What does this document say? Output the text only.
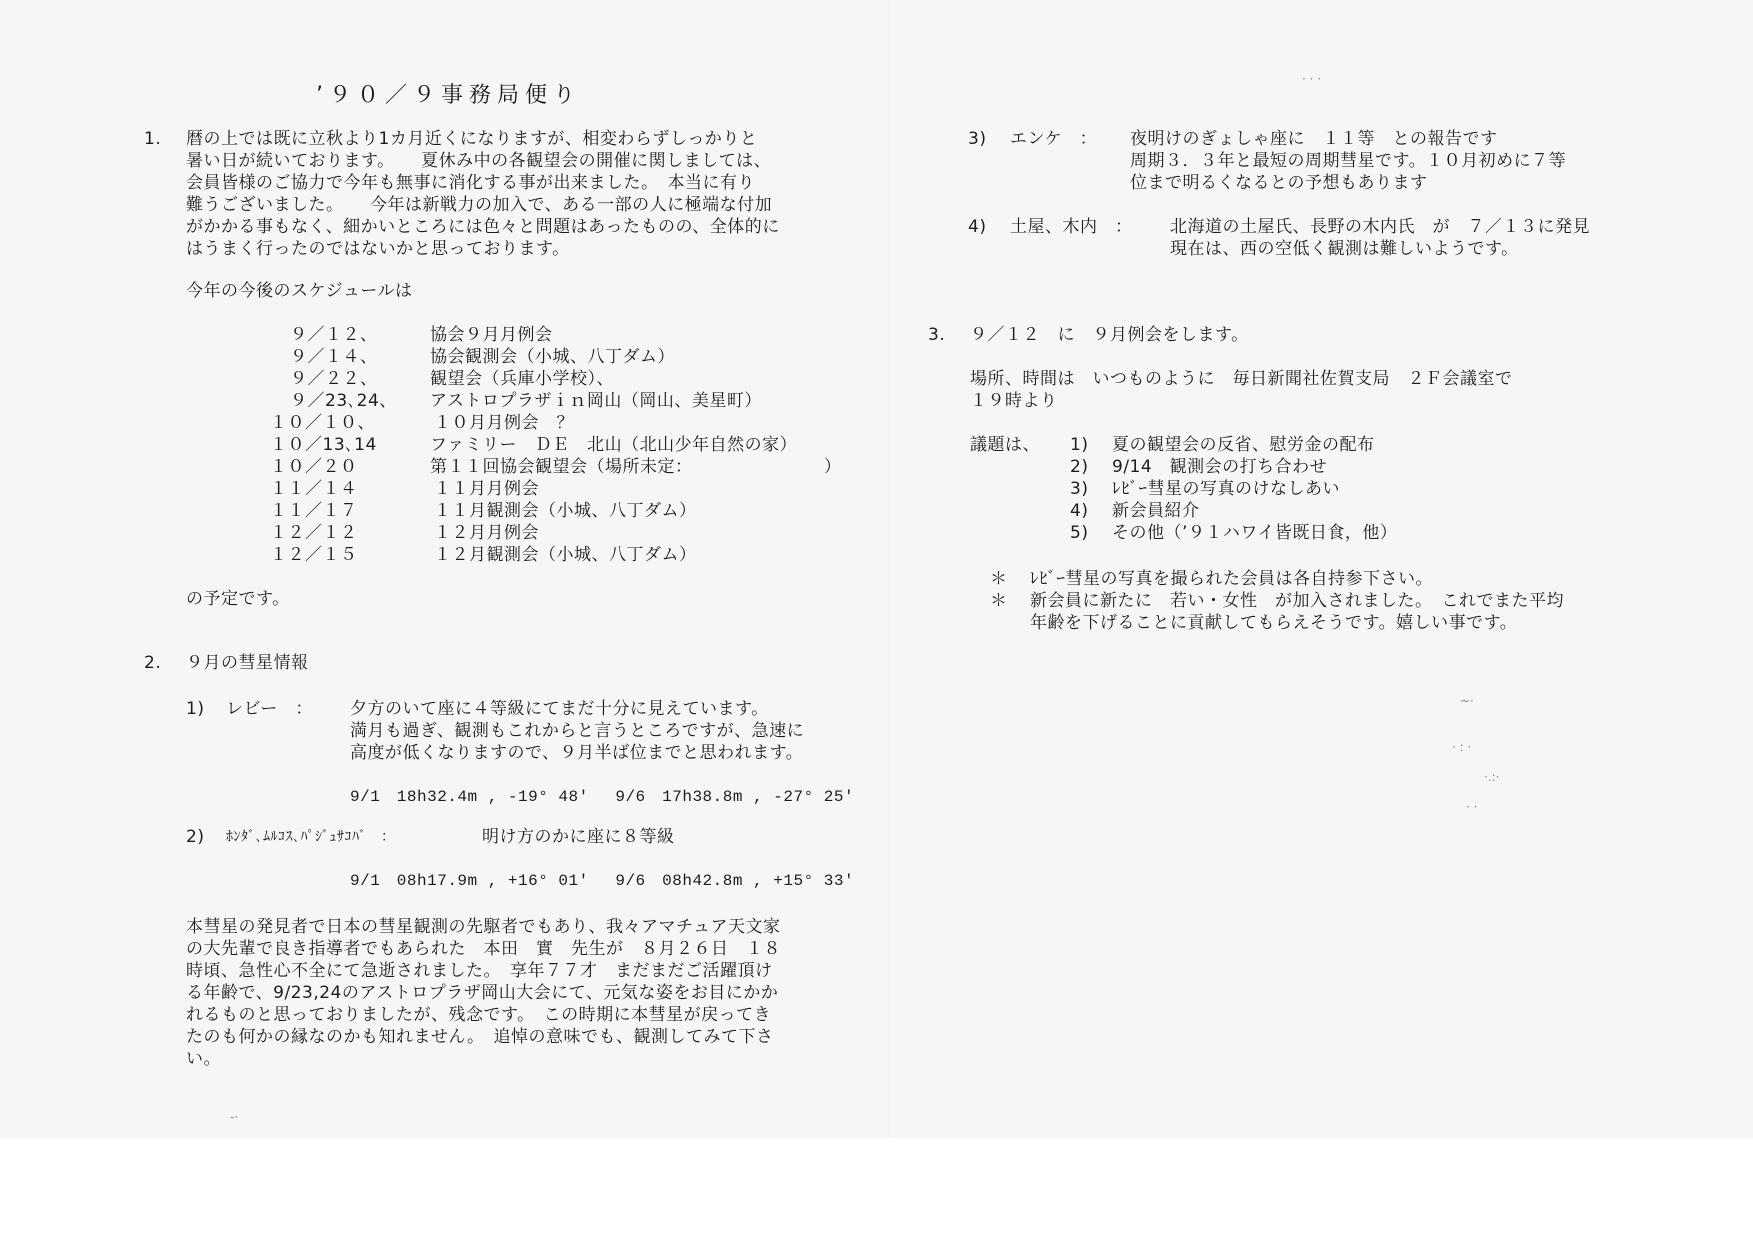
’９０／９事務局便り
1. 暦の上では既に立秋より1カ月近くになりますが、相変わらずしっかりと
暑い日が続いております。　　夏休み中の各観望会の開催に関しましては、
会員皆様のご協力で今年も無事に消化する事が出来ました。　本当に有り
難うございました。　　今年は新戦力の加入で、ある一部の人に極端な付加
がかかる事もなく、細かいところには色々と問題はあったものの、全体的に
はうまく行ったのではないかと思っております。
今年の今後のスケジュールは
９／１２、	協会９月月例会
９／１４、	協会観測会（小城、八丁ダム）
９／２２、	観望会（兵庫小学校）、
９／23､24、 アストロプラザｉｎ岡山（岡山、美星町）
１０／１０、	１０月月例会　？
１０／13､14	ファミリー　ＤＥ　北山（北山少年自然の家）
１０／２０	第１１回協会観望会（場所未定：　　　　　　　　）
１１／１４	１１月月例会
１１／１７	１１月観測会（小城、八丁ダム）
１２／１２	１２月月例会
１２／１５	１２月観測会（小城、八丁ダム）
の予定です。
2. ９月の彗星情報
1) レビー　： 夕方のいて座に４等級にてまだ十分に見えています。
満月も過ぎ、観測もこれからと言うところですが、急速に
高度が低くなりますので、９月半ば位までと思われます。
9/1　18h32.4m , -19° 48′　 9/6　17h38.8m , -27° 25′
2) ﾎﾝﾀﾞ､ﾑﾙｺｽ､ﾊﾟｼﾞｭｻｺﾊﾞ　：	明け方のかに座に８等級
9/1　08h17.9m , +16° 01′　 9/6　08h42.8m , +15° 33′
本彗星の発見者で日本の彗星観測の先駆者でもあり、我々アマチュア天文家
の大先輩で良き指導者でもあられた　本田　實　先生が　８月２６日　１８
時頃、急性心不全にて急逝されました。　享年７７才　まだまだご活躍頂け
る年齢で、9/23,24のアストロプラザ岡山大会にて、元気な姿をお目にかか
れるものと思っておりましたが、残念です。　この時期に本彗星が戻ってき
たのも何かの縁なのかも知れません。　追悼の意味でも、観測してみて下さ
い。
3) エンケ　： 夜明けのぎょしゃ座に　１１等　との報告です
周期３．３年と最短の周期彗星です。１０月初めに７等
位まで明るくなるとの予想もあります
4) 土屋、木内　： 北海道の土屋氏、長野の木内氏　が　７／１３に発見
現在は、西の空低く観測は難しいようです。
3. ９／１２　に　９月例会をします。
場所、時間は　いつものように　毎日新聞社佐賀支局　２Ｆ会議室で
１９時より
議題は、 1) 夏の観望会の反省、慰労金の配布
2) 9/14　観測会の打ち合わせ
3) ﾚﾋﾞｰ彗星の写真のけなしあい
4) 新会員紹介
5) その他（’９１ハワイ皆既日食，他）
＊ ﾚﾋﾞｰ彗星の写真を撮られた会員は各自持参下さい。
＊ 新会員に新たに　若い・女性　が加入されました。　これでまた平均
年齢を下げることに貢献してもらえそうです。嬉しい事です。
· · ·
~·
· : ·
·.:·
· ·
-·
